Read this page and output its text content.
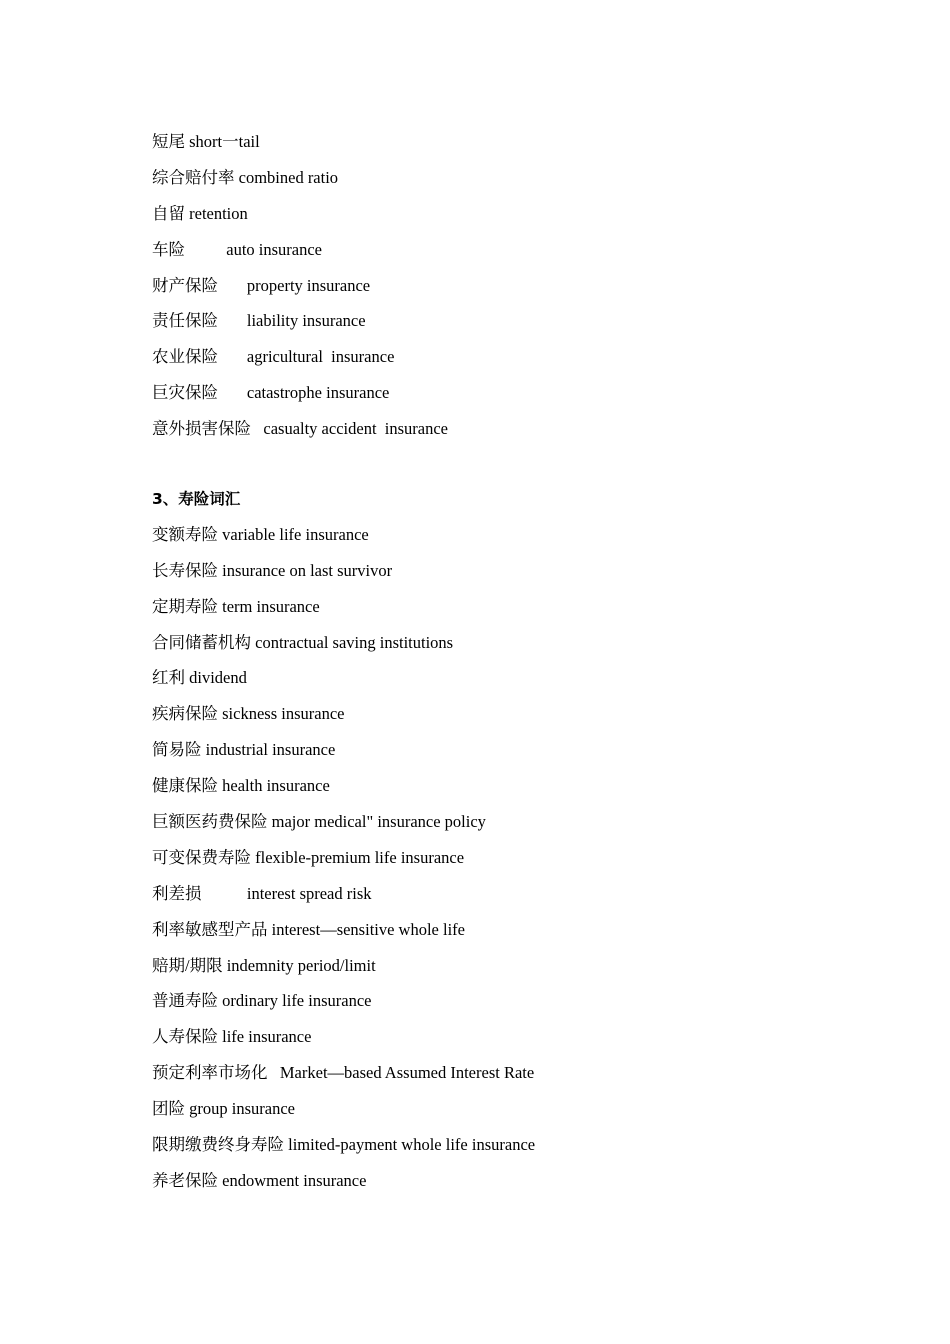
短尾 short一tail
综合赔付率 combined ratio
自留 retention
车险	auto insurance
财产保险 property insurance
责任保险 liability insurance
农业保险 agricultural  insurance
巨灾保险 catastrophe insurance
意外损害保险 casualty accident  insurance
3、寿险词汇
变额寿险 variable life insurance
长寿保险 insurance on last survivor
定期寿险 term insurance
合同储蓄机构 contractual saving institutions
红利 dividend
疾病保险 sickness insurance
简易险 industrial insurance
健康保险 health insurance
巨额医药费保险 major medical" insurance policy
可变保费寿险 flexible‐premium life insurance
利差损	interest spread risk
利率敏感型产品 interest—sensitive whole life
赔期/期限 indemnity period/limit
普通寿险 ordinary life insurance
人寿保险 life insurance
预定利率市场化 Market—based Assumed Interest Rate
团险 group insurance
限期缴费终身寿险 limited‐payment whole life insurance
养老保险 endowment insurance
